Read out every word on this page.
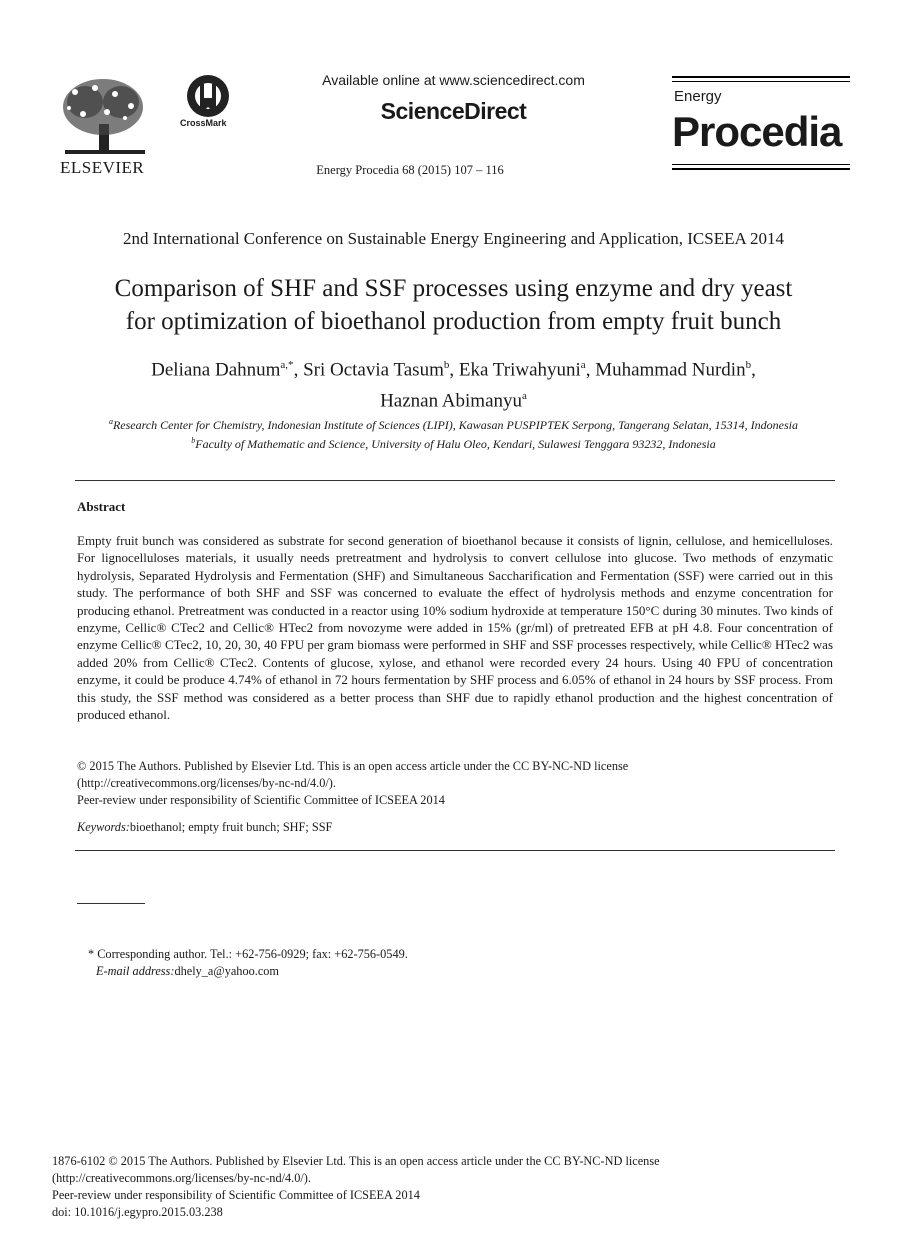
ELSEVIER
CrossMark
Available online at www.sciencedirect.com
ScienceDirect
Energy Procedia 68 (2015) 107 – 116
Energy
Procedia
2nd International Conference on Sustainable Energy Engineering and Application, ICSEEA 2014
Comparison of SHF and SSF processes using enzyme and dry yeast
for optimization of bioethanol production from empty fruit bunch
Deliana Dahnum$^{a,*}$, Sri Octavia Tasum$^b$, Eka Triwahyuni$^a$, Muhammad Nurdin$^b$,
Haznan Abimanyu$^a$
$^a$Research Center for Chemistry, Indonesian Institute of Sciences (LIPI), Kawasan PUSPIPTEK Serpong, Tangerang Selatan, 15314, Indonesia
$^b$Faculty of Mathematic and Science, University of Halu Oleo, Kendari, Sulawesi Tenggara 93232, Indonesia
Abstract
Empty fruit bunch was considered as substrate for second generation of bioethanol because it consists of lignin, cellulose, and hemicelluloses. For lignocelluloses materials, it usually needs pretreatment and hydrolysis to convert cellulose into glucose. Two methods of enzymatic hydrolysis, Separated Hydrolysis and Fermentation (SHF) and Simultaneous Saccharification and Fermentation (SSF) were carried out in this study. The performance of both SHF and SSF was concerned to evaluate the effect of hydrolysis methods and enzyme concentration for producing ethanol. Pretreatment was conducted in a reactor using 10% sodium hydroxide at temperature 150°C during 30 minutes. Two kinds of enzyme, Cellic® CTec2 and Cellic® HTec2 from novozyme were added in 15% (gr/ml) of pretreated EFB at pH 4.8. Four concentration of enzyme Cellic® CTec2, 10, 20, 30, 40 FPU per gram biomass were performed in SHF and SSF processes respectively, while Cellic® HTec2 was added 20% from Cellic® CTec2. Contents of glucose, xylose, and ethanol were recorded every 24 hours. Using 40 FPU of concentration enzyme, it could be produce 4.74% of ethanol in 72 hours fermentation by SHF process and 6.05% of ethanol in 24 hours by SSF process. From this study, the SSF method was considered as a better process than SHF due to rapidly ethanol production and the highest concentration of produced ethanol.
© 2015 The Authors. Published by Elsevier Ltd. This is an open access article under the CC BY-NC-ND license
(http://creativecommons.org/licenses/by-nc-nd/4.0/).
Peer-review under responsibility of Scientific Committee of ICSEEA 2014
Keywords:bioethanol; empty fruit bunch; SHF; SSF
* Corresponding author. Tel.: +62-756-0929; fax: +62-756-0549.
E-mail address:dhely_a@yahoo.com
1876-6102 © 2015 The Authors. Published by Elsevier Ltd. This is an open access article under the CC BY-NC-ND license
(http://creativecommons.org/licenses/by-nc-nd/4.0/).
Peer-review under responsibility of Scientific Committee of ICSEEA 2014
doi: 10.1016/j.egypro.2015.03.238
